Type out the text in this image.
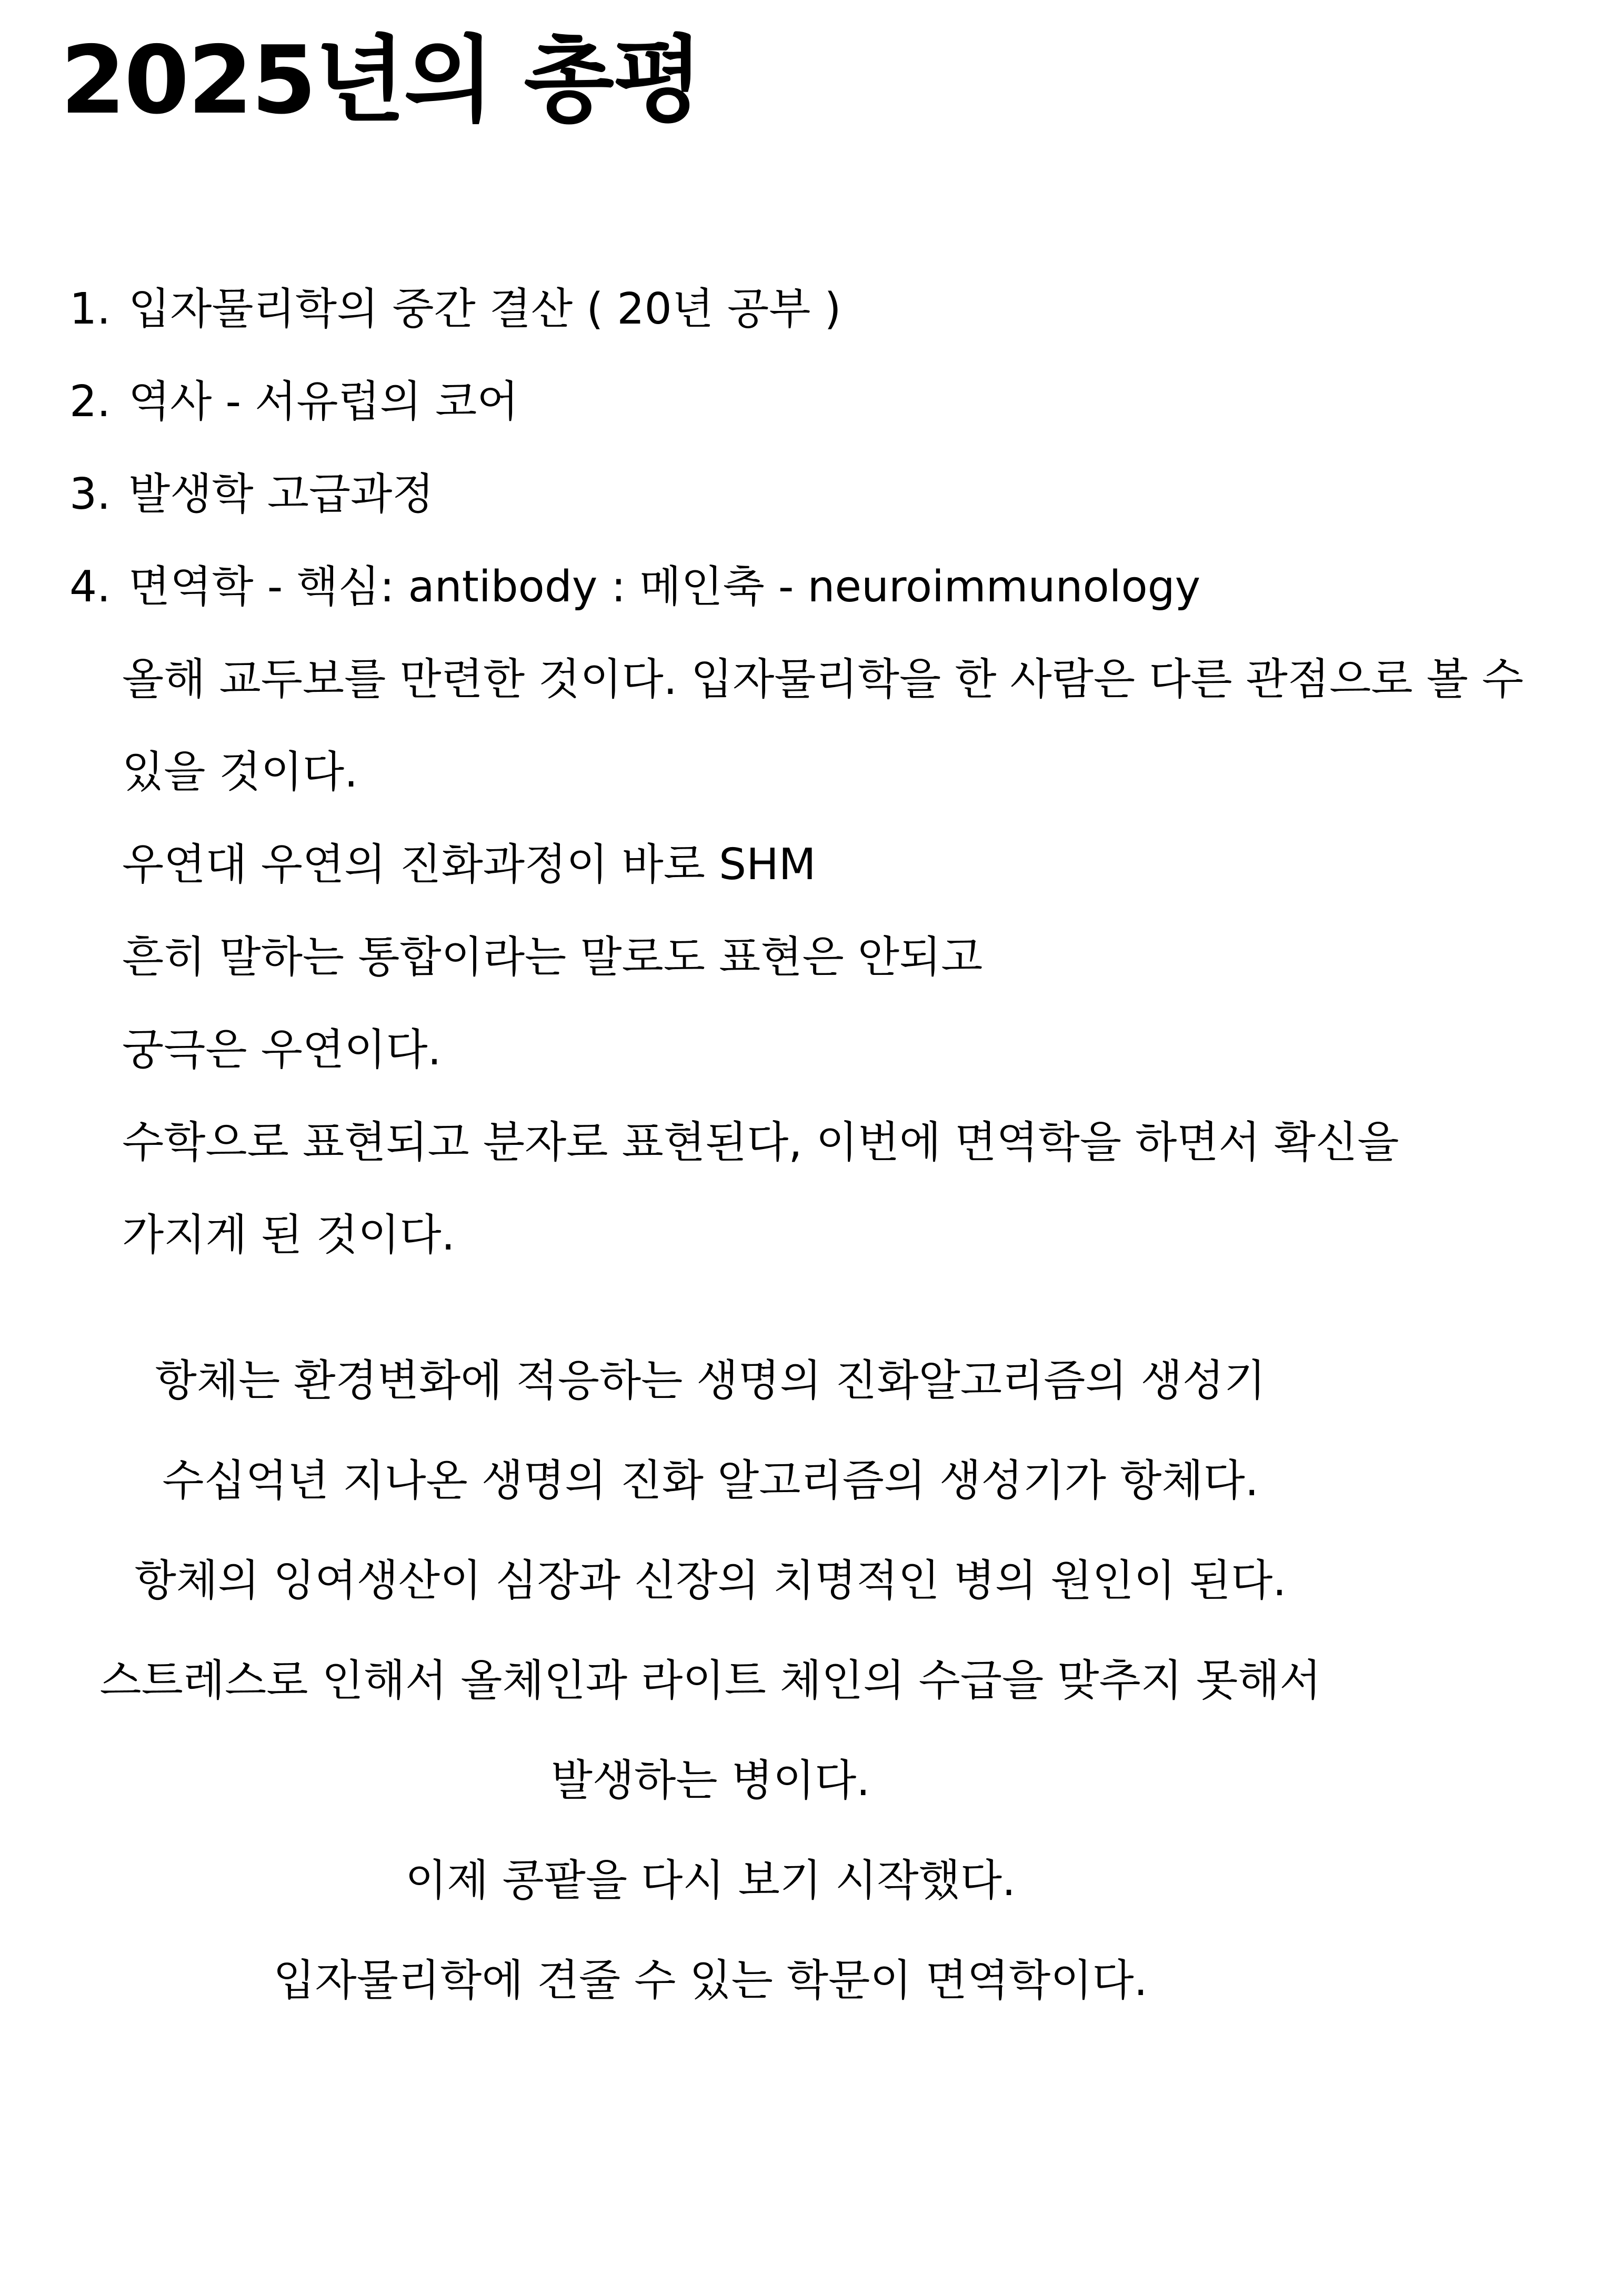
2025년의 총평
1. 입자물리학의 중간 결산 ( 20년 공부 )
2. 역사 - 서유럽의 코어
3. 발생학 고급과정
4. 면역학 - 핵심: antibody : 메인축 - neuroimmunology
올해 교두보를 만련한 것이다. 입자물리학을 한 사람은 다른 관점으로 볼 수
있을 것이다.
우연대 우연의 진화과정이 바로 SHM
흔히 말하는 통합이라는 말로도 표현은 안되고
궁극은 우연이다.
수학으로 표현되고 분자로 표현된다, 이번에 면역학을 하면서 확신을
가지게 된 것이다.
항체는 환경변화에 적응하는 생명의 진화알고리즘의 생성기
수십억년 지나온 생명의 진화 알고리즘의 생성기가 항체다.
항체의 잉여생산이 심장과 신장의 치명적인 병의 원인이 된다.
스트레스로 인해서 올체인과 라이트 체인의 수급을 맞추지 못해서
발생하는 병이다.
이제 콩팥을 다시 보기 시작했다.
입자물리학에 견줄 수 있는 학문이 면역학이다.
